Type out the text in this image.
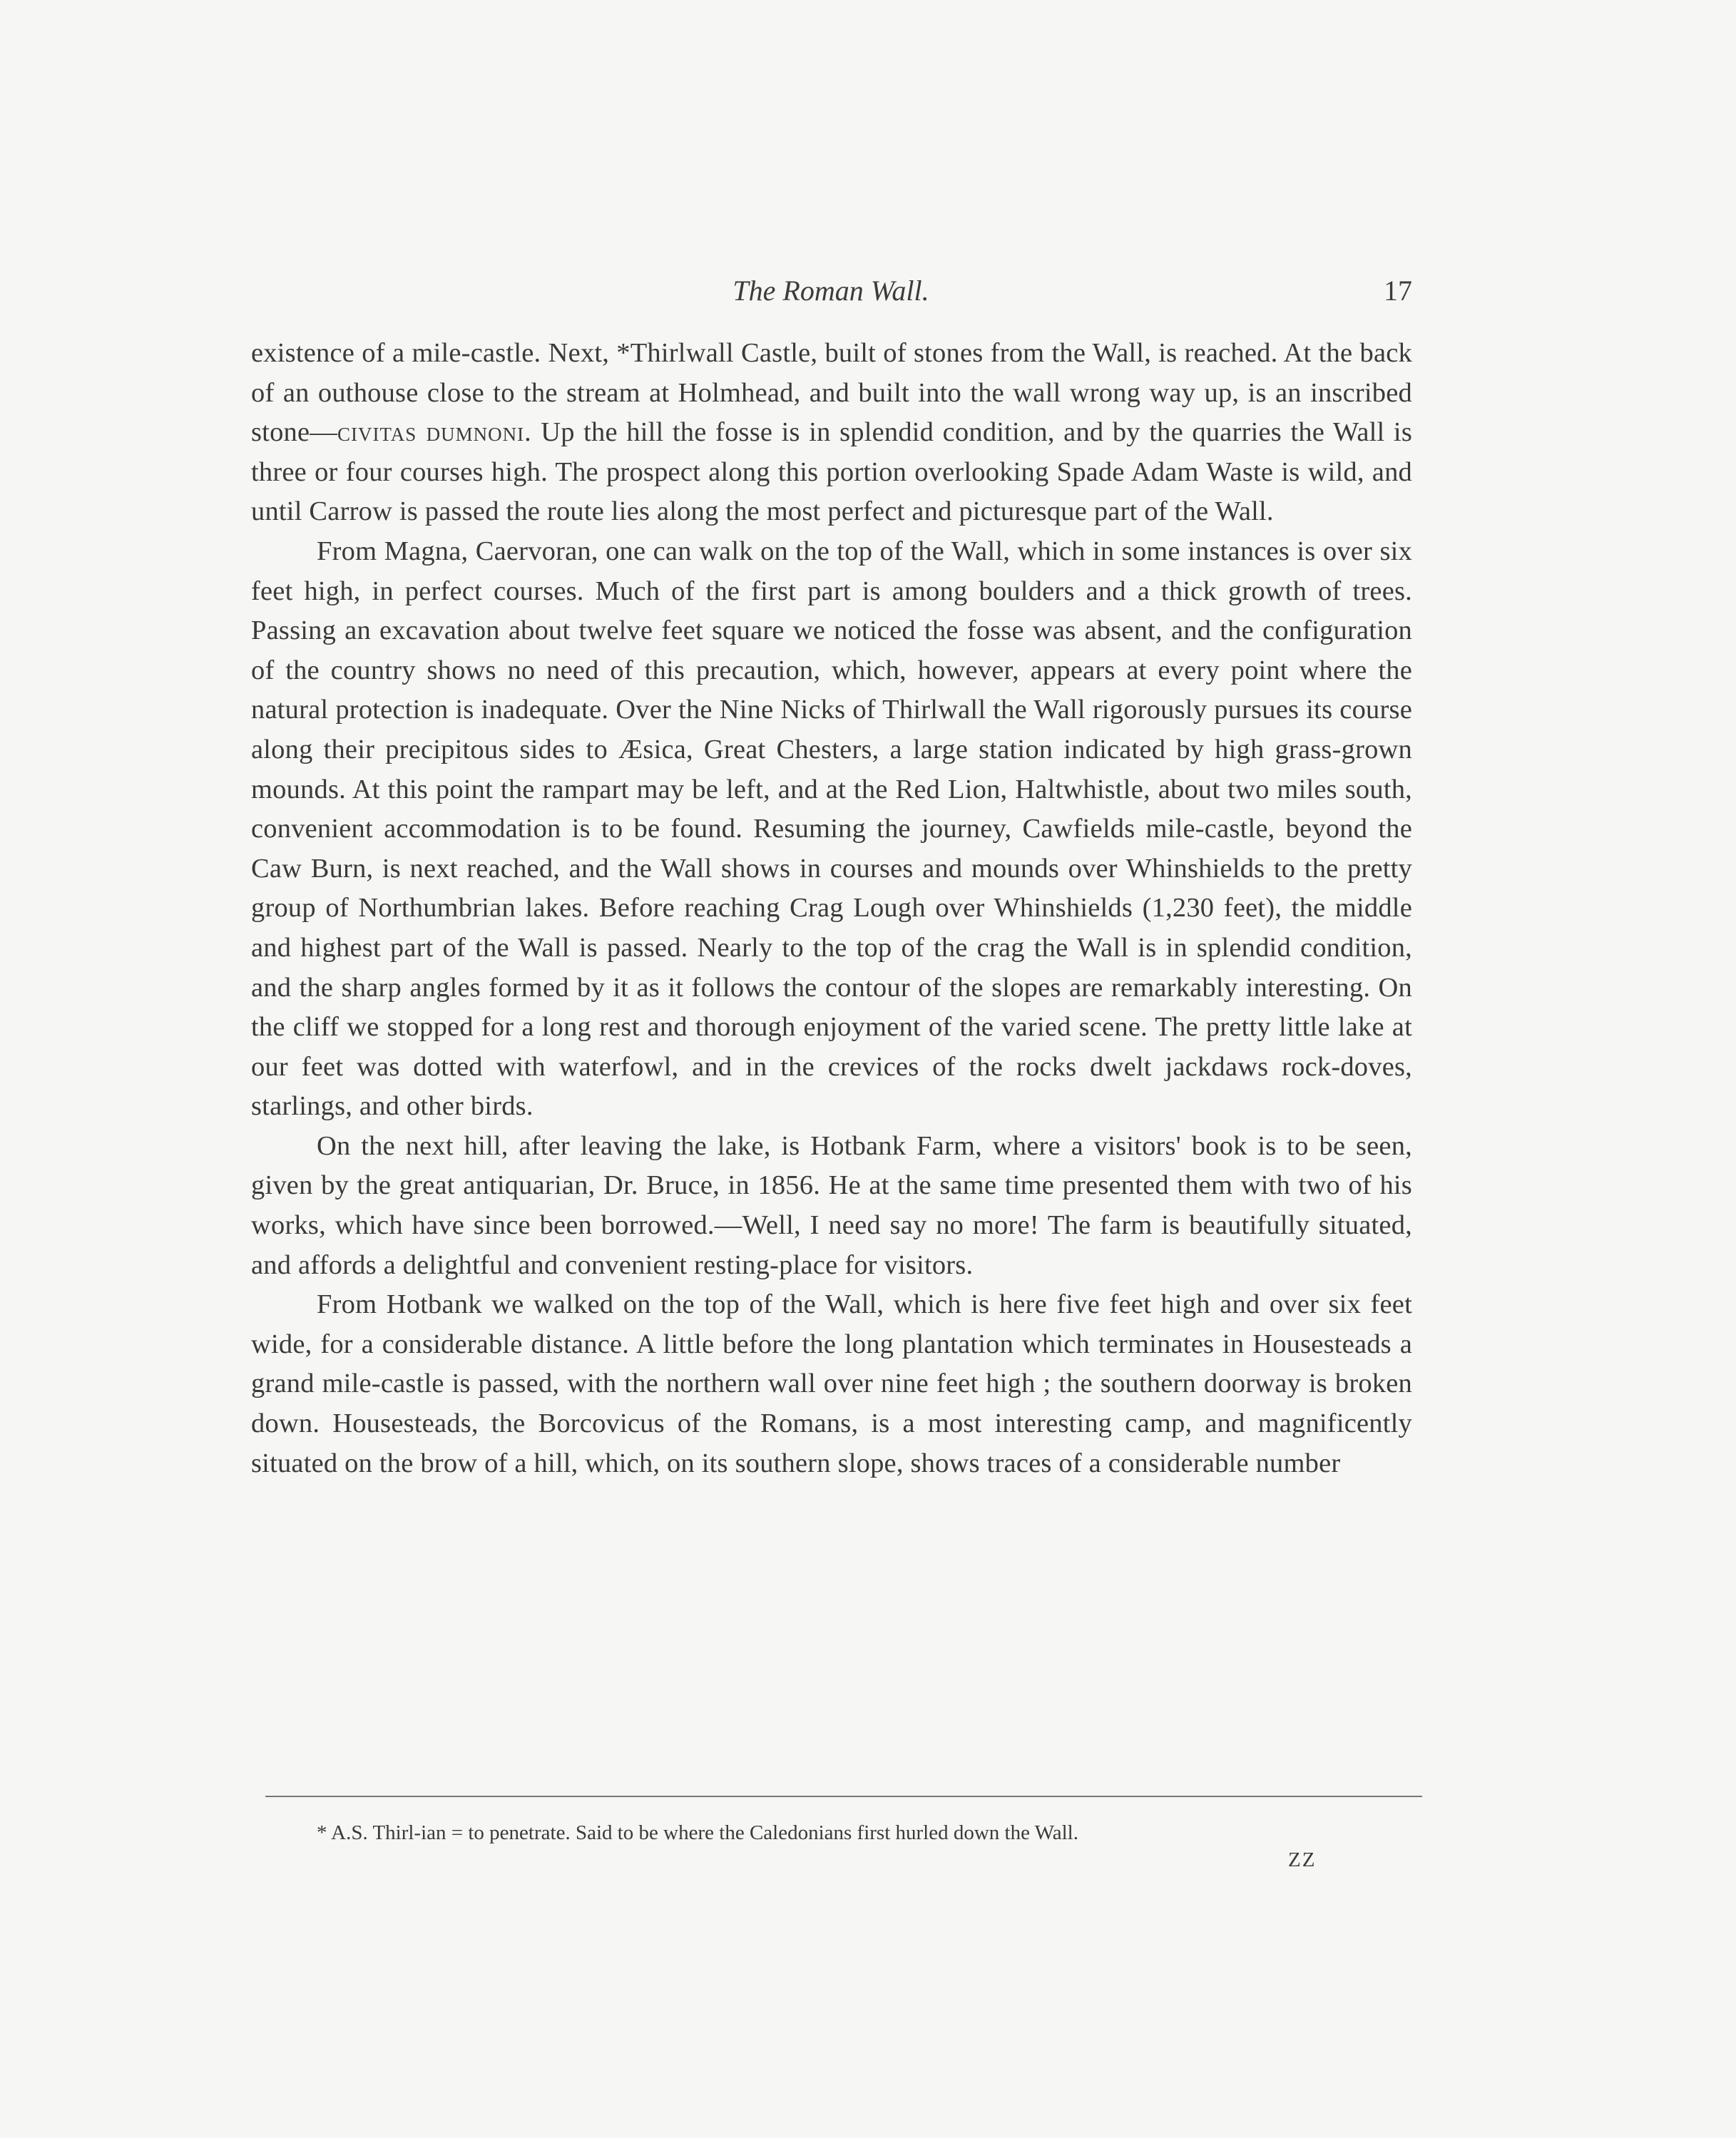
The Roman Wall.	17

existence of a mile-castle. Next, *Thirlwall Castle, built of stones from the Wall, is reached. At the back of an outhouse close to the stream at Holmhead, and built into the wall wrong way up, is an inscribed stone—civitas dumnoni. Up the hill the fosse is in splendid condition, and by the quarries the Wall is three or four courses high. The prospect along this portion overlooking Spade Adam Waste is wild, and until Carrow is passed the route lies along the most perfect and picturesque part of the Wall.

From Magna, Caervoran, one can walk on the top of the Wall, which in some instances is over six feet high, in perfect courses. Much of the first part is among boulders and a thick growth of trees. Passing an excavation about twelve feet square we noticed the fosse was absent, and the configuration of the country shows no need of this precaution, which, however, appears at every point where the natural protection is inadequate. Over the Nine Nicks of Thirlwall the Wall rigorously pursues its course along their precipitous sides to Æsica, Great Chesters, a large station indicated by high grass-grown mounds. At this point the rampart may be left, and at the Red Lion, Haltwhistle, about two miles south, convenient accommodation is to be found. Resuming the journey, Cawfields mile-castle, beyond the Caw Burn, is next reached, and the Wall shows in courses and mounds over Whinshields to the pretty group of Northumbrian lakes. Before reaching Crag Lough over Whinshields (1,230 feet), the middle and highest part of the Wall is passed. Nearly to the top of the crag the Wall is in splendid condition, and the sharp angles formed by it as it follows the contour of the slopes are remarkably interesting. On the cliff we stopped for a long rest and thorough enjoyment of the varied scene. The pretty little lake at our feet was dotted with waterfowl, and in the crevices of the rocks dwelt jackdaws rock-doves, starlings, and other birds.

On the next hill, after leaving the lake, is Hotbank Farm, where a visitors' book is to be seen, given by the great antiquarian, Dr. Bruce, in 1856. He at the same time presented them with two of his works, which have since been borrowed.—Well, I need say no more! The farm is beautifully situated, and affords a delightful and convenient resting-place for visitors.

From Hotbank we walked on the top of the Wall, which is here five feet high and over six feet wide, for a considerable distance. A little before the long plantation which terminates in Housesteads a grand mile-castle is passed, with the northern wall over nine feet high ; the southern doorway is broken down. Housesteads, the Borcovicus of the Romans, is a most interesting camp, and magnificently situated on the brow of a hill, which, on its southern slope, shows traces of a considerable number

* A.S. Thirl-ian = to penetrate. Said to be where the Caledonians first hurled down the Wall.
ZZ
